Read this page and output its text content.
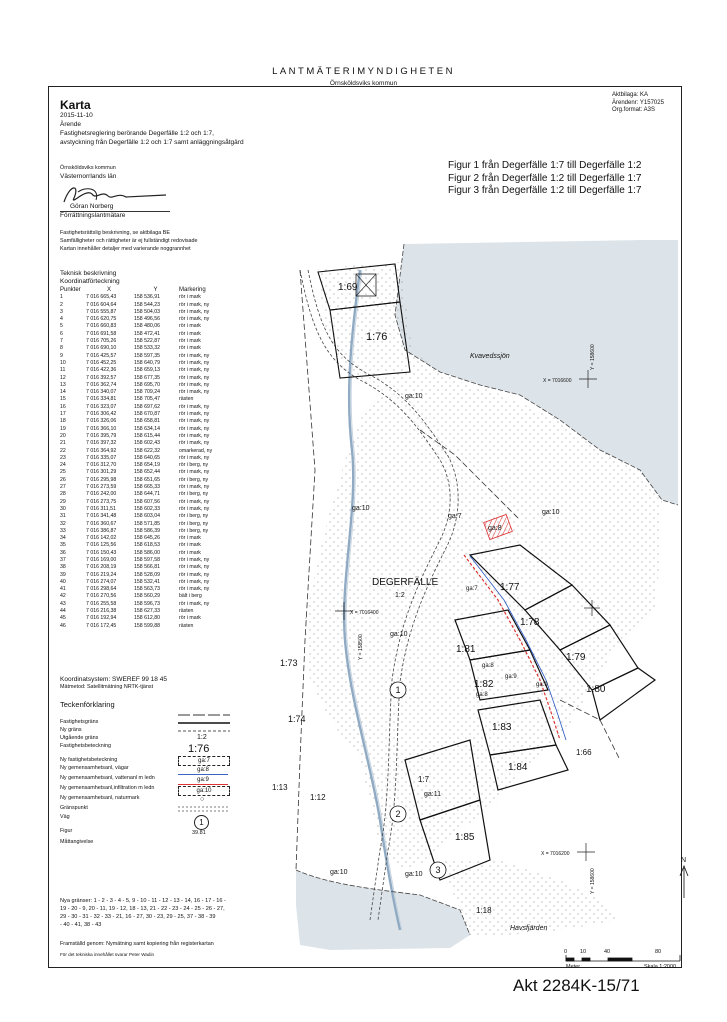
LANTMÄTERIMYNDIGHETEN
Örnsköldsviks kommun
Aktbilaga: KA
Ärendenr: Y157025
Org.format: A3S
Karta
2015-11-10
Ärende
Fastighetsreglering berörande Degerfälle 1:2 och 1:7,
avstyckning från Degerfälle 1:2 och 1:7 samt anläggningsåtgärd
Örnsköldsviks kommun
Västernorrlands län
Göran Norberg
Förrättningslantmätare
Fastighetsrättslig beskrivning, se aktbilaga BE
Samfälligheter och rättigheter är ej fullständigt redovisade
Kartan innehåller detaljer med varierande noggrannhet
Figur 1 från Degerfälle 1:7 till Degerfälle 1:2
Figur 2 från Degerfälle 1:2 till Degerfälle 1:7
Figur 3 från Degerfälle 1:2 till Degerfälle 1:7
Teknisk beskrivning
Koordinatförteckning
Punkter	X	Y	Markering
1	7 016 665,43	158 536,91	rör i mark
2	7 016 604,64	158 544,23	rör i mark, ny
3	7 016 555,87	158 504,03	rör i mark, ny
4	7 016 620,75	158 496,56	rör i mark, ny
5	7 016 660,83	158 480,06	rör i mark
6	7 016 691,58	158 472,41	rör i mark
7	7 016 705,26	158 522,87	rör i mark
8	7 016 690,10	158 533,32	rör i mark
9	7 016 425,57	158 597,35	rör i mark, ny
10	7 016 452,25	158 640,79	rör i mark, ny
11	7 016 422,36	158 659,13	rör i mark, ny
12	7 016 392,57	158 677,35	rör i mark, ny
13	7 016 362,74	158 695,70	rör i mark, ny
14	7 016 340,07	158 709,24	rör i mark, ny
15	7 016 334,81	158 705,47	rästen
16	7 016 323,07	158 697,62	rör i mark, ny
17	7 016 306,42	158 670,87	rör i mark, ny
18	7 016 326,06	158 658,81	rör i mark, ny
19	7 016 366,10	158 634,14	rör i mark, ny
20	7 016 395,79	158 615,44	rör i mark, ny
21	7 016 397,32	158 602,43	rör i mark, ny
22	7 016 364,92	158 622,32	omarkerad, ny
23	7 016 335,07	158 640,65	rör i mark, ny
24	7 016 312,70	158 654,19	rör i berg, ny
25	7 016 301,29	158 652,44	rör i mark, ny
26	7 016 295,98	158 651,65	rör i berg, ny
27	7 016 273,59	158 665,33	rör i mark, ny
28	7 016 242,00	158 644,71	rör i berg, ny
29	7 016 273,75	158 607,56	rör i mark, ny
30	7 016 311,51	158 602,33	rör i mark, ny
31	7 016 341,48	158 603,04	rör i berg, ny
32	7 016 360,67	158 571,85	rör i berg, ny
33	7 016 386,87	158 586,39	rör i berg, ny
34	7 016 142,02	158 645,26	rör i mark
35	7 016 125,56	158 618,53	rör i mark
36	7 016 150,43	158 586,00	rör i mark
37	7 016 169,00	158 597,58	rör i mark, ny
38	7 016 208,19	158 566,81	rör i mark, ny
39	7 016 219,24	158 528,09	rör i mark, ny
40	7 016 274,07	158 532,41	rör i mark, ny
41	7 016 298,64	158 563,73	rör i mark, ny
42	7 016 270,56	158 560,29	bält i berg
43	7 016 255,58	158 596,73	rör i mark, ny
44	7 016 216,38	158 627,33	rästen
45	7 016 192,94	158 612,80	rör i mark
46	7 016 172,45	158 599,88	rästen
Koordinatsystem: SWEREF 99 18 45
Mätmetod: Satellitmätning NRTK-tjänst
Teckenförklaring
Fastighetsgräns
Ny gräns
Utgående gräns
Fastighetsbeteckning
1:2
$_{Ny fastighetsbeteckning}$
1:76
Ny gemensamhetsanl, vägar
ga:7
Ny gemensamhetsanl, vattenanl m ledn
ga:8
Ny gemensamhetsanl,infiltration m ledn
ga:9
Ny gemensamhetsanl, naturmark
ga:10
Gränspunkt
○
Väg
$_{Figur}$
1
Måttangivelse
39.81
Nya gränser: 1 - 2 - 3 - 4 - 5, 9 - 10 - 11 - 12 - 13 - 14, 16 - 17 - 16 -
19 - 20 - 9, 20 - 11, 19 - 12, 18 - 13, 21 - 22 - 23 - 24 - 25 - 26 - 27,
29 - 30 - 31 - 32 - 33 - 21, 16 - 27, 30 - 23, 29 - 25, 37 - 38 - 39
- 40 - 41, 38 - 43
Framställd genom: Nymätning samt kopiering från registerkartan
För det tekniska innehållet svarar Peter Wadin
DEGERFÄLLE
1:2
Kvavedssjön
Havsfjärden
1:69
1:76
1:77
1:78
1:79
1:80
1:81
1:82
1:83
1:84
1:85
1:73
1:74
1:13
1:12
1:7
1:18
1:66
ga:10
ga:10
ga:10
ga:10
ga:10
ga:10
ga:7
ga:8
ga:8
ga:9
ga:11
ga:9
ga:8
ga:7
X = 7016600
X = 7016400
X = 7016200
Y = 158600
Y = 158500
Y = 158600
N
0 10	40	80
Meter	Skala 1:2000
1
2
3
Akt 2284K-15/71
